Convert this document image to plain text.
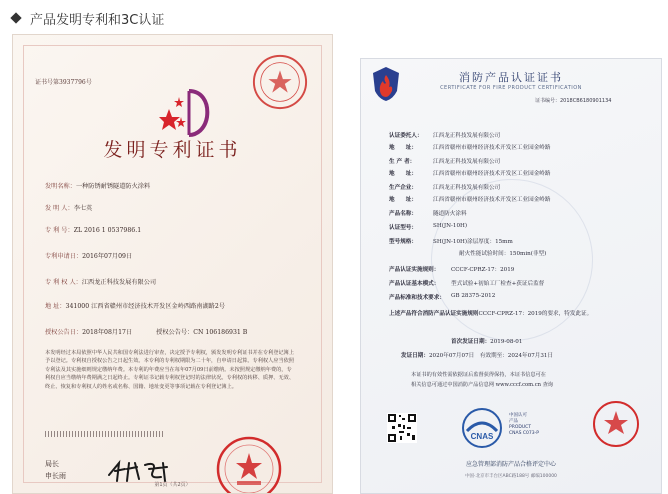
产品发明专利和3C认证
证书号第3937796号
发明专利证书
发明名称：一种防锈耐锈隧道防火涂料
发 明 人：李七英
专 利 号：ZL 2016 1 0537986.1
专利申请日：2016年07月09日
专 利 权 人：江西龙正科技发展有限公司
地 址：341000 江西省赣州市经济技术开发区金岭西路南湖路2号
授权公告日：2018年08月17日	授权公告号：CN 106186931 B
本发明经过本局依照中华人民共和国专利法进行审查，决定授予专利权，颁发发明专利证书并在专利登记簿上予以登记。专利权自授权公告之日起生效。本专利的专利权期限为二十年，自申请日起算。专利权人应当依照专利法及其实施细则规定缴纳年费。本专利的年费应当在每年07月09日前缴纳。未按照规定缴纳年费的，专利权自应当缴纳年费期满之日起终止。专利证书记载专利权登记时的法律状况。专利权的转移、质押、无效、终止、恢复和专利权人的姓名或名称、国籍、地址变更等事项记载在专利登记簿上。
局长
申长雨
第1页（共2页）
消防产品认证证书
CERTIFICATE FOR FIRE PRODUCT CERTIFICATION
证书编号：2018CB6180901134
认证委托人： 江西龙正科技发展有限公司
地　　址：	江西省赣州市赣州经济技术开发区工业园金岭路
生 产 者：	江西龙正科技发展有限公司
地　　址：	江西省赣州市赣州经济技术开发区工业园金岭路
生产企业：	江西龙正科技发展有限公司
地　　址：	江西省赣州市赣州经济技术开发区工业园金岭路
产品名称：	隧道防火涂料
认证型号：	SH(JN-10H)
型号规格：	SH(JN-10H)涂层厚度：15mm
耐火性能试验时间：150min(非型)
产品认证实施规则： CCCF-CPRZ-17：2019
产品认证基本模式： 型式试验+初始工厂检查+获证后监督
产品标准和技术要求： GB 28375-2012
上述产品符合消防产品认证实施规则CCCF-CPRZ-17：2019的要求，特发此证。
首次发证日期：2019-08-01
发证日期：2020年07月07日　有效期至：2024年07月31日
本证书的有效性需依据证后监督获得保持，本证书信息可在
相关信息可通过中国消防产品信息网 www.cccf.com.cn 查询
CNAS
中国认可
产品
PRODUCT
CNAS C073-P
应急管理部消防产品合格评定中心
中国·北京市丰台区ABC路188号 邮编100000
